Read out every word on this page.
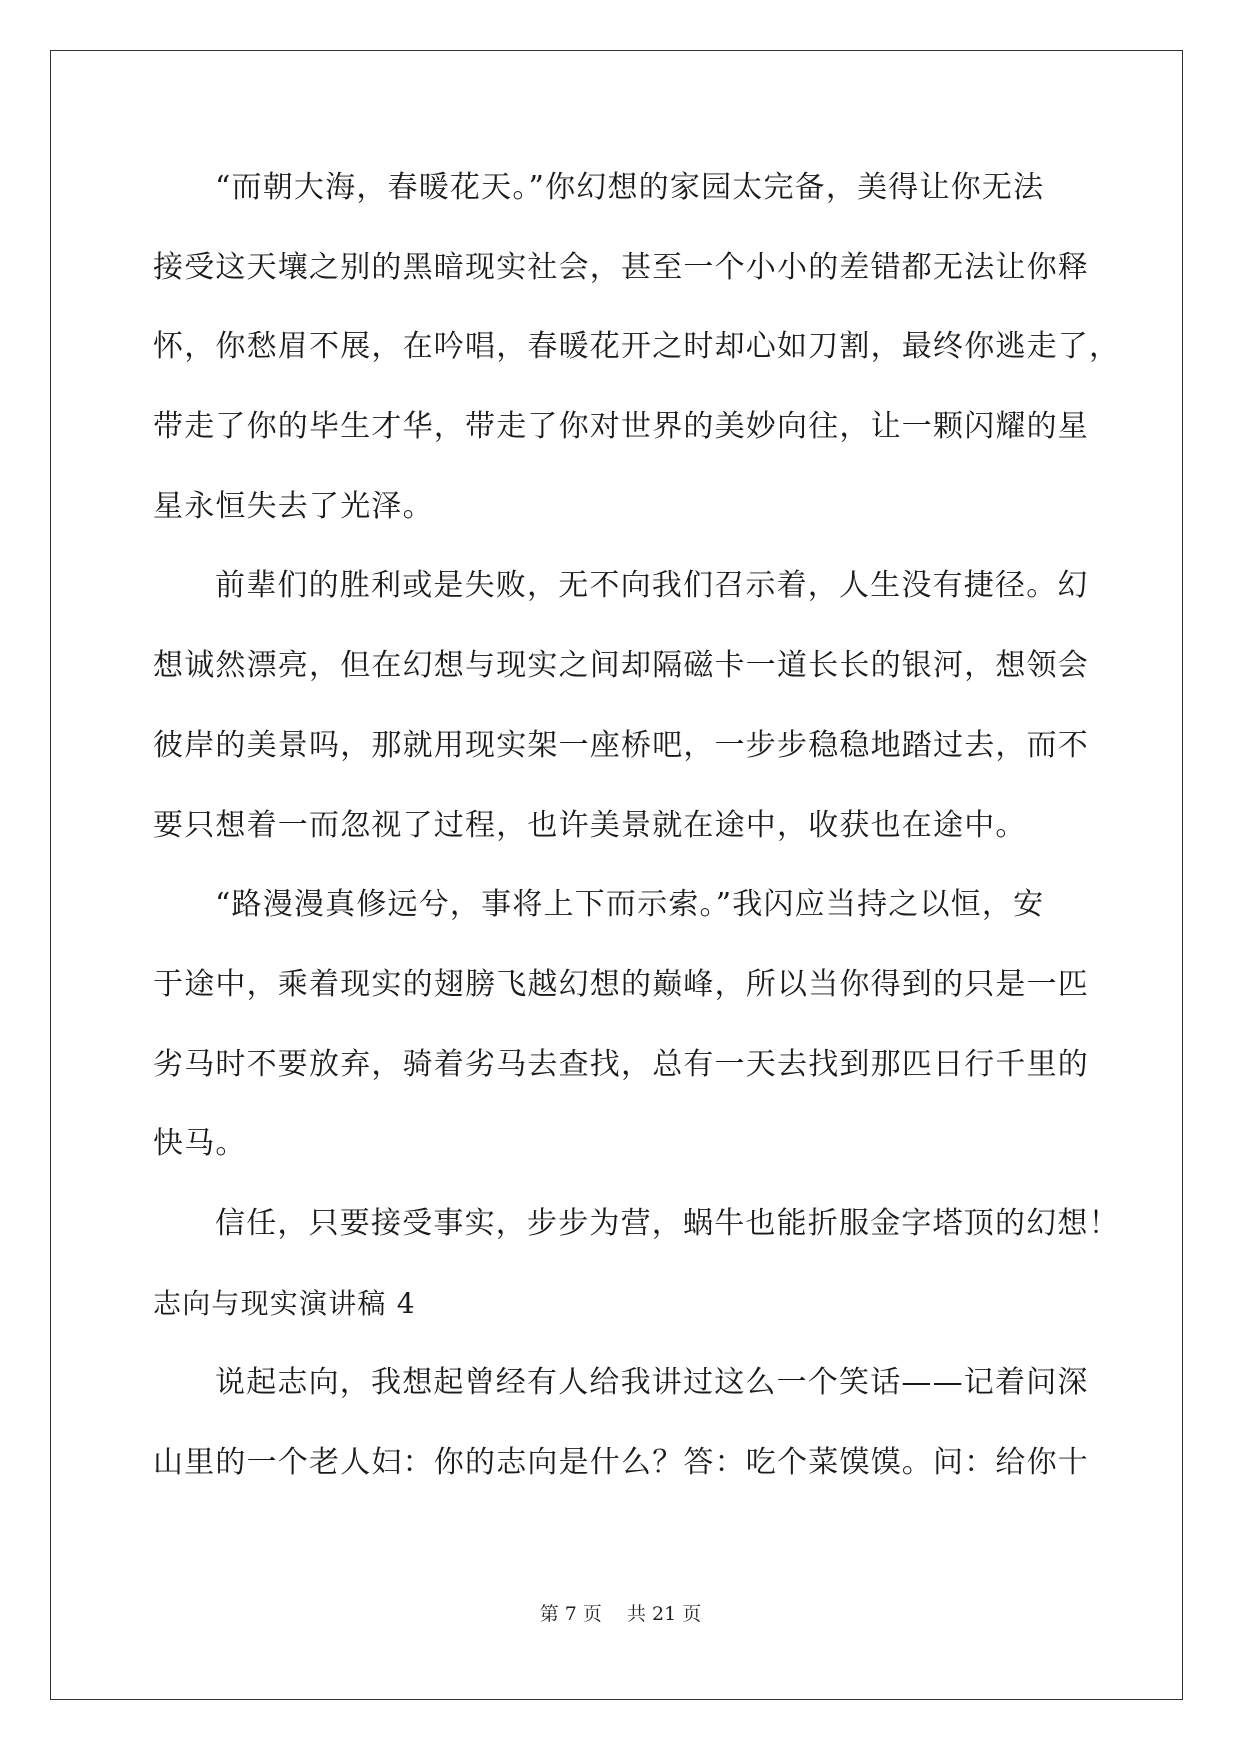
“而朝大海，春暖花天。”你幻想的家园太完备，美得让你无法
接受这天壤之别的黑暗现实社会，甚至一个小小的差错都无法让你释
怀，你愁眉不展，在吟唱，春暖花开之时却心如刀割，最终你逃走了，
带走了你的毕生才华，带走了你对世界的美妙向往，让一颗闪耀的星
星永恒失去了光泽。
前辈们的胜利或是失败，无不向我们召示着，人生没有捷径。幻
想诚然漂亮，但在幻想与现实之间却隔磁卡一道长长的银河，想领会
彼岸的美景吗，那就用现实架一座桥吧，一步步稳稳地踏过去，而不
要只想着一而忽视了过程，也许美景就在途中，收获也在途中。
“路漫漫真修远兮，事将上下而示索。”我闪应当持之以恒，安
于途中，乘着现实的翅膀飞越幻想的巅峰，所以当你得到的只是一匹
劣马时不要放弃，骑着劣马去查找，总有一天去找到那匹日行千里的
快马。
信任，只要接受事实，步步为营，蜗牛也能折服金字塔顶的幻想！
志向与现实演讲稿 4
说起志向，我想起曾经有人给我讲过这么一个笑话——记着问深
山里的一个老人妇：你的志向是什么？答：吃个菜馍馍。问：给你十
第 7 页　 共 21 页
